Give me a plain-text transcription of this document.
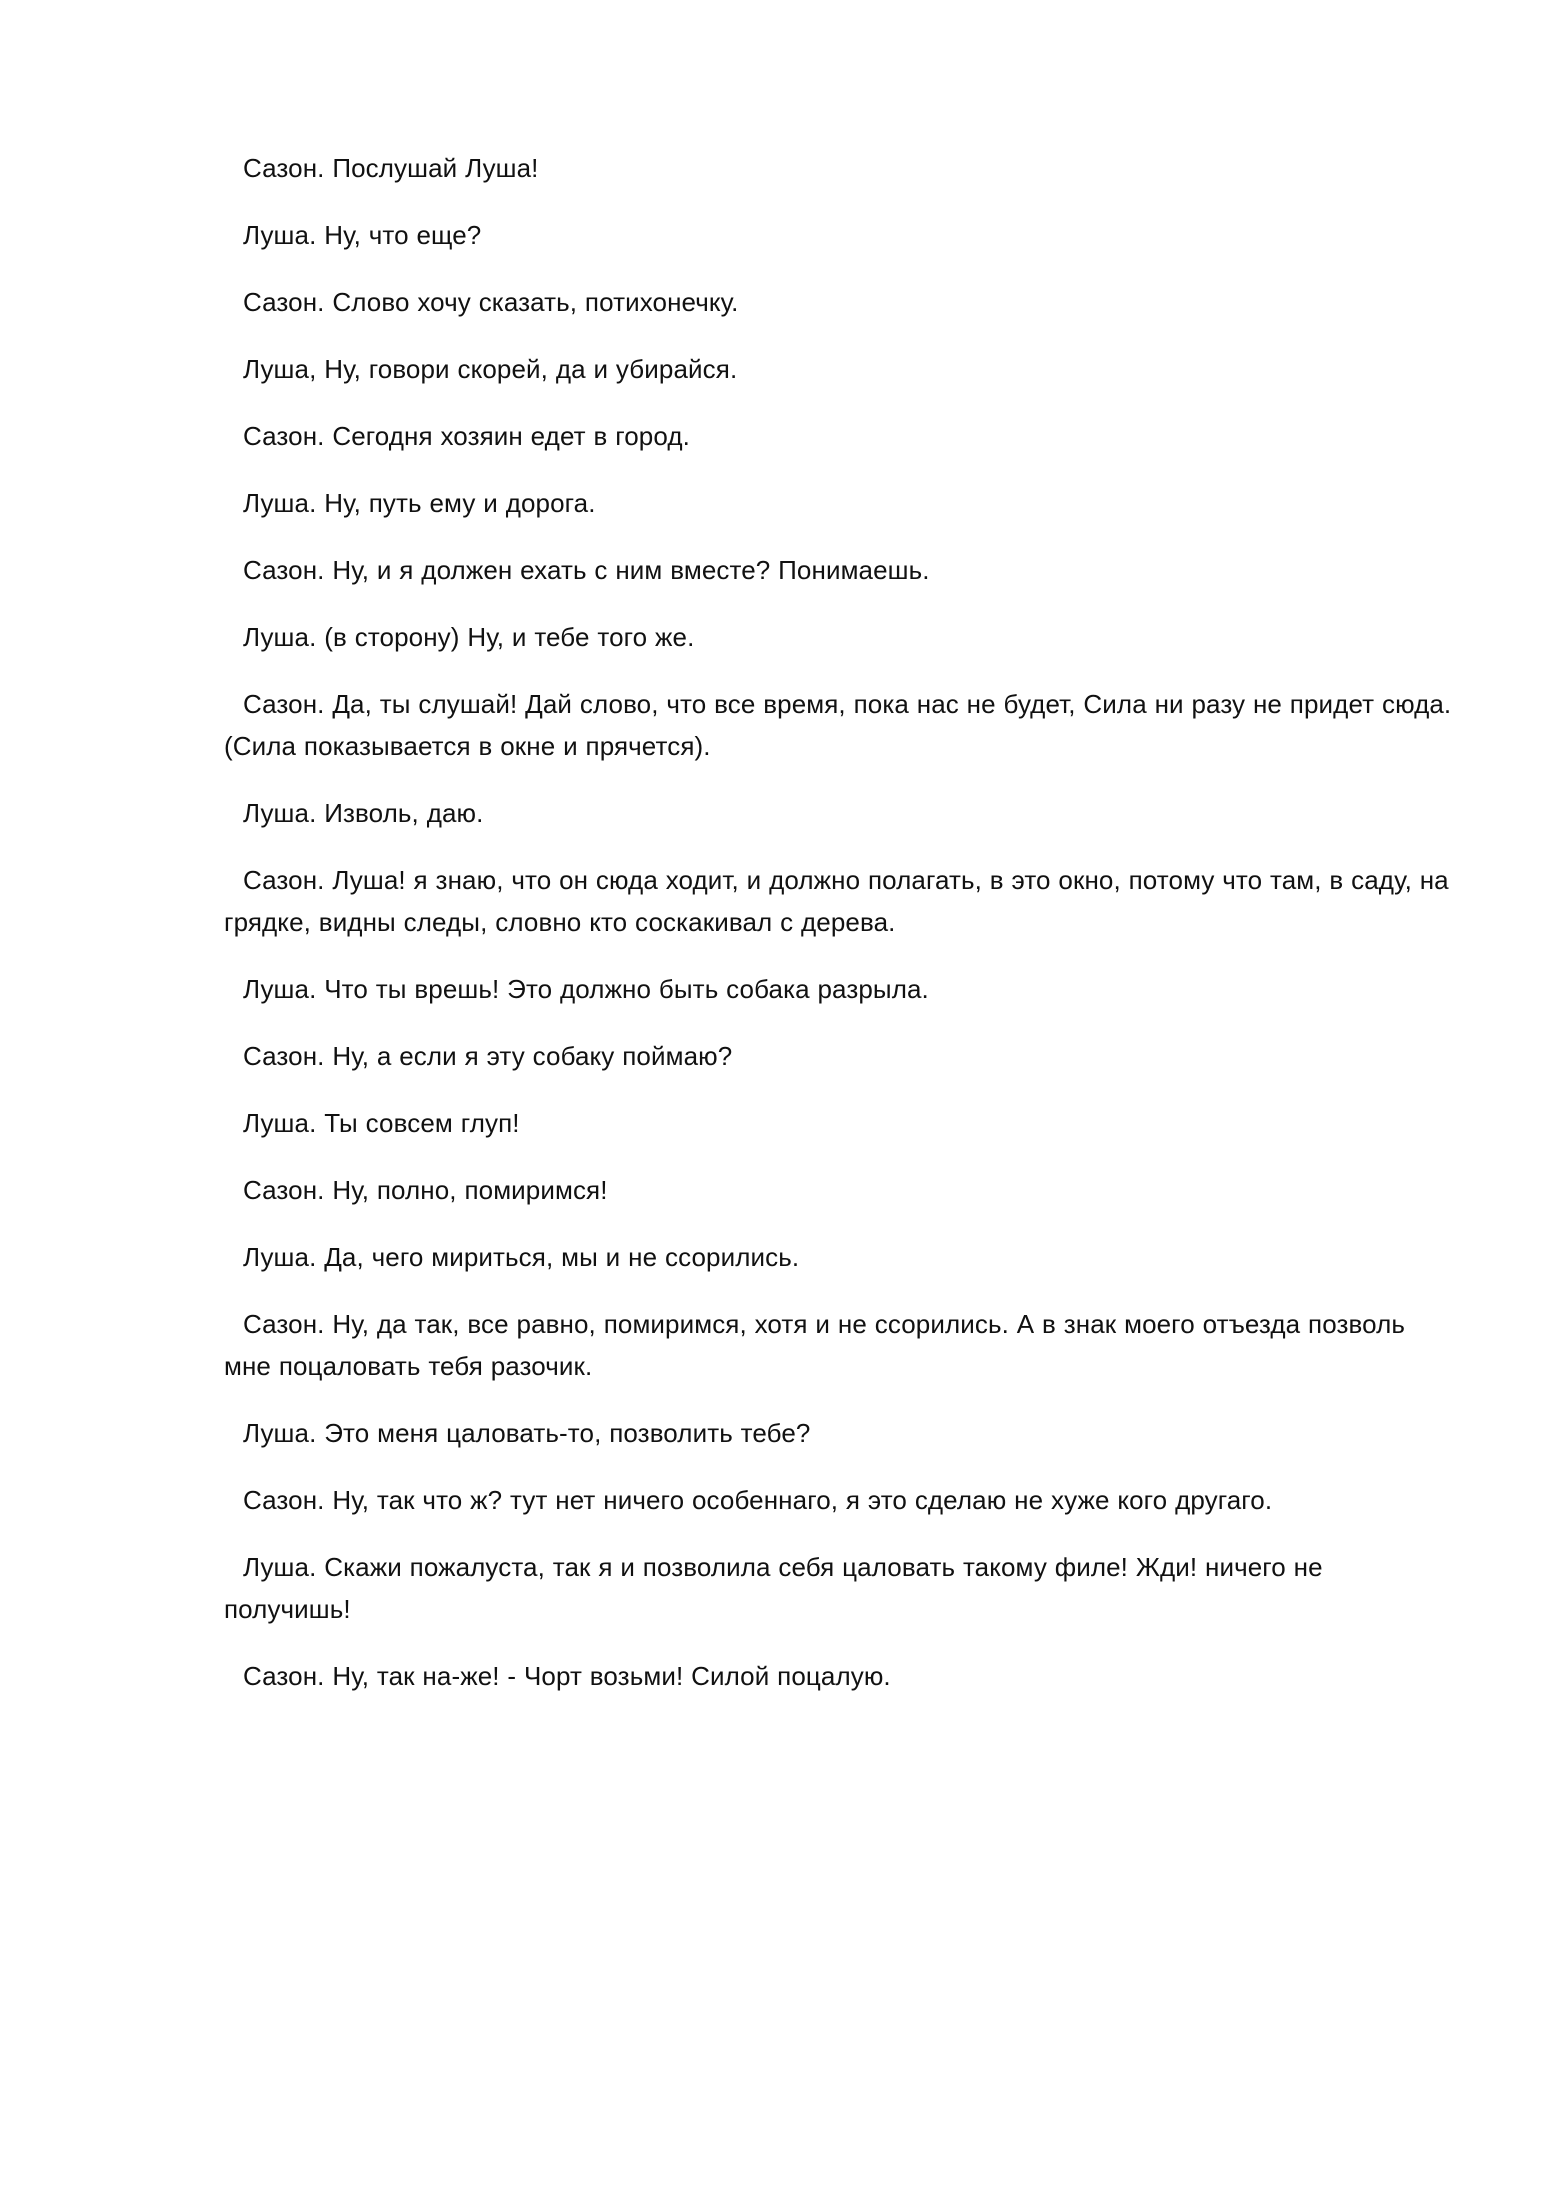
Сазон. Послушай Луша!

Луша. Ну, что еще?

Сазон. Слово хочу сказать, потихонечку.

Луша, Ну, говори скорей, да и убирайся.

Сазон. Сегодня хозяин едет в город.

Луша. Ну, путь ему и дорога.

Сазон. Ну, и я должен ехать с ним вместе? Понимаешь.

Луша. (в сторону) Ну, и тебе того же.

Сазон. Да, ты слушай! Дай слово, что все время, пока нас не будет, Сила ни разу не придет сюда. (Сила показывается в окне и прячется).

Луша. Изволь, даю.

Сазон. Луша! я знаю, что он сюда ходит, и должно полагать, в это окно, потому что там, в саду, на грядке, видны следы, словно кто соскакивал с дерева.

Луша. Что ты врешь! Это должно быть собака разрыла.

Сазон. Ну, а если я эту собаку поймаю?

Луша. Ты совсем глуп!

Сазон. Ну, полно, помиримся!

Луша. Да, чего мириться, мы и не ссорились.

Сазон. Ну, да так, все равно, помиримся, хотя и не ссорились. А в знак моего отъезда позволь мне поцаловать тебя разочик.

Луша. Это меня цаловать-то, позволить тебе?

Сазон. Ну, так что ж? тут нет ничего особеннаго, я это сделаю не хуже кого другаго.

Луша. Скажи пожалуста, так я и позволила себя цаловать такому филе! Жди! ничего не получишь!

Сазон. Ну, так на-же! - Чорт возьми! Силой поцалую.
